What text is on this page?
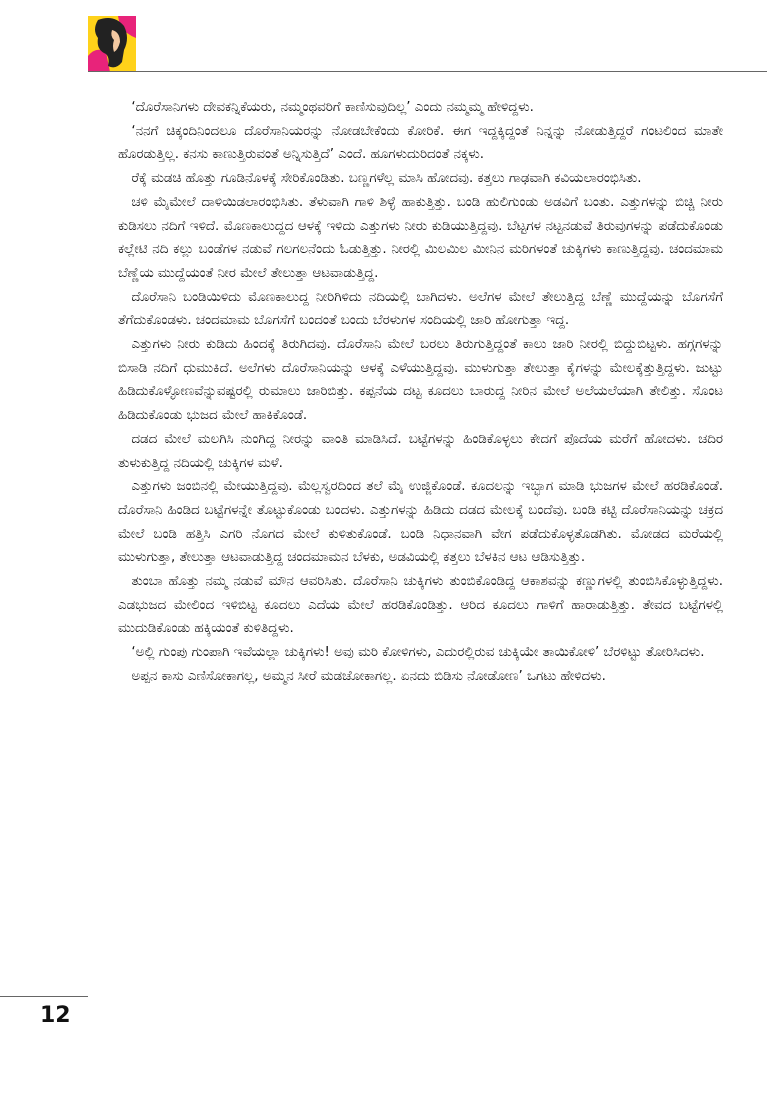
‘ದೊರೆಸಾನಿಗಳು ದೇವಕನ್ನಿಕೆಯರು, ನಮ್ಮಂಥವರಿಗೆ ಕಾಣಿಸುವುದಿಲ್ಲ’ ಎಂದು ನಮ್ಮಮ್ಮ ಹೇಳಿದ್ದಳು.

‘ನನಗೆ ಚಿಕ್ಕಂದಿನಿಂದಲೂ ದೊರೆಸಾನಿಯರನ್ನು ನೋಡಬೇಕೆಂದು ಕೋರಿಕೆ. ಈಗ ಇದ್ದಕ್ಕಿದ್ದಂತೆ ನಿನ್ನನ್ನು ನೋಡುತ್ತಿದ್ದರೆ ಗಂಟಲಿಂದ ಮಾತೇ ಹೊರಡುತ್ತಿಲ್ಲ. ಕನಸು ಕಾಣುತ್ತಿರುವಂತೆ ಅನ್ನಿಸುತ್ತಿದೆ’ ಎಂದೆ. ಹೂಗಳುದುರಿದಂತೆ ನಕ್ಕಳು.

ರೆಕ್ಕೆ ಮಡಚಿ ಹೊತ್ತು ಗೂಡಿನೊಳಕ್ಕೆ ಸೇರಿಕೊಂಡಿತು. ಬಣ್ಣಗಳೆಲ್ಲ ಮಾಸಿ ಹೋದವು. ಕತ್ತಲು ಗಾಢವಾಗಿ ಕವಿಯಲಾರಂಭಿಸಿತು.

ಚಳಿ ಮೈಮೇಲೆ ದಾಳಿಯಿಡಲಾರಂಭಿಸಿತು. ತೆಳುವಾಗಿ ಗಾಳಿ ಶಿಳ್ಳೆ ಹಾಕುತ್ತಿತ್ತು. ಬಂಡಿ ಹುಲಿಗುಂಡು ಅಡವಿಗೆ ಬಂತು. ಎತ್ತುಗಳನ್ನು ಬಿಚ್ಚಿ ನೀರು ಕುಡಿಸಲು ನದಿಗೆ ಇಳಿದೆ. ಮೊಣಕಾಲುದ್ದದ ಆಳಕ್ಕೆ ಇಳಿದು ಎತ್ತುಗಳು ನೀರು ಕುಡಿಯುತ್ತಿದ್ದವು. ಬೆಟ್ಟಗಳ ನಟ್ಟನಡುವೆ ತಿರುವುಗಳನ್ನು ಪಡೆದುಕೊಂಡು ಕಲ್ಲೇಟಿ ನದಿ ಕಲ್ಲು ಬಂಡೆಗಳ ನಡುವೆ ಗಲಗಲನೆಂದು ಓಡುತ್ತಿತ್ತು. ನೀರಲ್ಲಿ ಮಿಲಮಿಲ ಮೀನಿನ ಮರಿಗಳಂತೆ ಚುಕ್ಕಿಗಳು ಕಾಣುತ್ತಿದ್ದವು. ಚಂದಮಾಮ ಬೆಣ್ಣೆಯ ಮುದ್ದೆಯಂತೆ ನೀರ ಮೇಲೆ ತೇಲುತ್ತಾ ಆಟವಾಡುತ್ತಿದ್ದ.

ದೊರೆಸಾನಿ ಬಂಡಿಯಿಳಿದು ಮೊಣಕಾಲುದ್ದ ನೀರಿಗಿಳಿದು ನದಿಯಲ್ಲಿ ಬಾಗಿದಳು. ಅಲೆಗಳ ಮೇಲೆ ತೇಲುತ್ತಿದ್ದ ಬೆಣ್ಣೆ ಮುದ್ದೆಯನ್ನು ಬೊಗಸೆಗೆ ತೆಗೆದುಕೊಂಡಳು. ಚಂದಮಾಮ ಬೊಗಸೆಗೆ ಬಂದಂತೆ ಬಂದು ಬೆರಳುಗಳ ಸಂದಿಯಲ್ಲಿ ಜಾರಿ ಹೋಗುತ್ತಾ ಇದ್ದ.

ಎತ್ತುಗಳು ನೀರು ಕುಡಿದು ಹಿಂದಕ್ಕೆ ತಿರುಗಿದವು. ದೊರೆಸಾನಿ ಮೇಲೆ ಬರಲು ತಿರುಗುತ್ತಿದ್ದಂತೆ ಕಾಲು ಜಾರಿ ನೀರಲ್ಲಿ ಬಿದ್ದುಬಿಟ್ಟಳು. ಹಗ್ಗಗಳನ್ನು ಬಿಸಾಡಿ ನದಿಗೆ ಧುಮುಕಿದೆ. ಅಲೆಗಳು ದೊರೆಸಾನಿಯನ್ನು ಆಳಕ್ಕೆ ಎಳೆಯುತ್ತಿದ್ದವು. ಮುಳುಗುತ್ತಾ ತೇಲುತ್ತಾ ಕೈಗಳನ್ನು ಮೇಲಕ್ಕೆತ್ತುತ್ತಿದ್ದಳು. ಜುಟ್ಟು ಹಿಡಿದುಕೊಳ್ಳೋಣವೆನ್ನುವಷ್ಟರಲ್ಲಿ ರುಮಾಲು ಜಾರಿಬಿತ್ತು. ಕಪ್ಪನೆಯ ದಟ್ಟ ಕೂದಲು ಬಾರುದ್ದ ನೀರಿನ ಮೇಲೆ ಅಲೆಯಲೆಯಾಗಿ ತೇಲಿತ್ತು. ಸೊಂಟ ಹಿಡಿದುಕೊಂಡು ಭುಜದ ಮೇಲೆ ಹಾಕಿಕೊಂಡೆ.

ದಡದ ಮೇಲೆ ಮಲಗಿಸಿ ನುಂಗಿದ್ದ ನೀರನ್ನು ವಾಂತಿ ಮಾಡಿಸಿದೆ. ಬಟ್ಟೆಗಳನ್ನು ಹಿಂಡಿಕೊಳ್ಳಲು ಕೇದಗೆ ಪೊದೆಯ ಮರೆಗೆ ಹೋದಳು. ಚದಿರ ತುಳುಕುತ್ತಿದ್ದ ನದಿಯಲ್ಲಿ ಚುಕ್ಕಿಗಳ ಮಳೆ.

ಎತ್ತುಗಳು ಜಂಬಿನಲ್ಲಿ ಮೇಯುತ್ತಿದ್ದವು. ಮೆಲ್ಲಸ್ವರದಿಂದ ತಲೆ ಮೈ ಉಜ್ಜಿಕೊಂಡೆ. ಕೂದಲನ್ನು ಇಬ್ಭಾಗ ಮಾಡಿ ಭುಜಗಳ ಮೇಲೆ ಹರಡಿಕೊಂಡೆ. ದೊರೆಸಾನಿ ಹಿಂಡಿದ ಬಟ್ಟೆಗಳನ್ನೇ ತೊಟ್ಟುಕೊಂಡು ಬಂದಳು. ಎತ್ತುಗಳನ್ನು ಹಿಡಿದು ದಡದ ಮೇಲಕ್ಕೆ ಬಂದೆವು. ಬಂಡಿ ಕಟ್ಟಿ ದೊರೆಸಾನಿಯನ್ನು ಚಕ್ರದ ಮೇಲೆ ಬಂಡಿ ಹತ್ತಿಸಿ ಎಗರಿ ನೊಗದ ಮೇಲೆ ಕುಳಿತುಕೊಂಡೆ. ಬಂಡಿ ನಿಧಾನವಾಗಿ ವೇಗ ಪಡೆದುಕೊಳ್ಳತೊಡಗಿತು. ಮೋಡದ ಮರೆಯಲ್ಲಿ ಮುಳುಗುತ್ತಾ, ತೇಲುತ್ತಾ ಆಟವಾಡುತ್ತಿದ್ದ ಚಂದಮಾಮನ ಬೆಳಕು, ಅಡವಿಯಲ್ಲಿ ಕತ್ತಲು ಬೆಳಕಿನ ಆಟ ಆಡಿಸುತ್ತಿತ್ತು.

ತುಂಬಾ ಹೊತ್ತು ನಮ್ಮ ನಡುವೆ ಮೌನ ಆವರಿಸಿತು. ದೊರೆಸಾನಿ ಚುಕ್ಕಿಗಳು ತುಂಬಿಕೊಂಡಿದ್ದ ಆಕಾಶವನ್ನು ಕಣ್ಣುಗಳಲ್ಲಿ ತುಂಬಿಸಿಕೊಳ್ಳುತ್ತಿದ್ದಳು. ಎಡಭುಜದ ಮೇಲಿಂದ ಇಳಿಬಿಟ್ಟ ಕೂದಲು ಎದೆಯ ಮೇಲೆ ಹರಡಿಕೊಂಡಿತ್ತು. ಆರಿದ ಕೂದಲು ಗಾಳಿಗೆ ಹಾರಾಡುತ್ತಿತ್ತು. ತೇವದ ಬಟ್ಟೆಗಳಲ್ಲಿ ಮುದುಡಿಕೊಂಡು ಹಕ್ಕಿಯಂತೆ ಕುಳಿತಿದ್ದಳು.

‘ಅಲ್ಲಿ ಗುಂಪು ಗುಂಪಾಗಿ ಇವೆಯಲ್ಲಾ ಚುಕ್ಕಿಗಳು! ಅವು ಮರಿ ಕೋಳಿಗಳು, ಎದುರಲ್ಲಿರುವ ಚುಕ್ಕಿಯೇ ತಾಯಿಕೋಳಿ’ ಬೆರಳಿಟ್ಟು ತೋರಿಸಿದಳು.

ಅಪ್ಪನ ಕಾಸು ಎಣಿಸೋಕಾಗಲ್ಲ, ಅಮ್ಮನ ಸೀರೆ ಮಡಚೋಕಾಗಲ್ಲ. ಏನದು ಬಿಡಿಸು ನೋಡೋಣ’ ಒಗಟು ಹೇಳಿದಳು.

12
